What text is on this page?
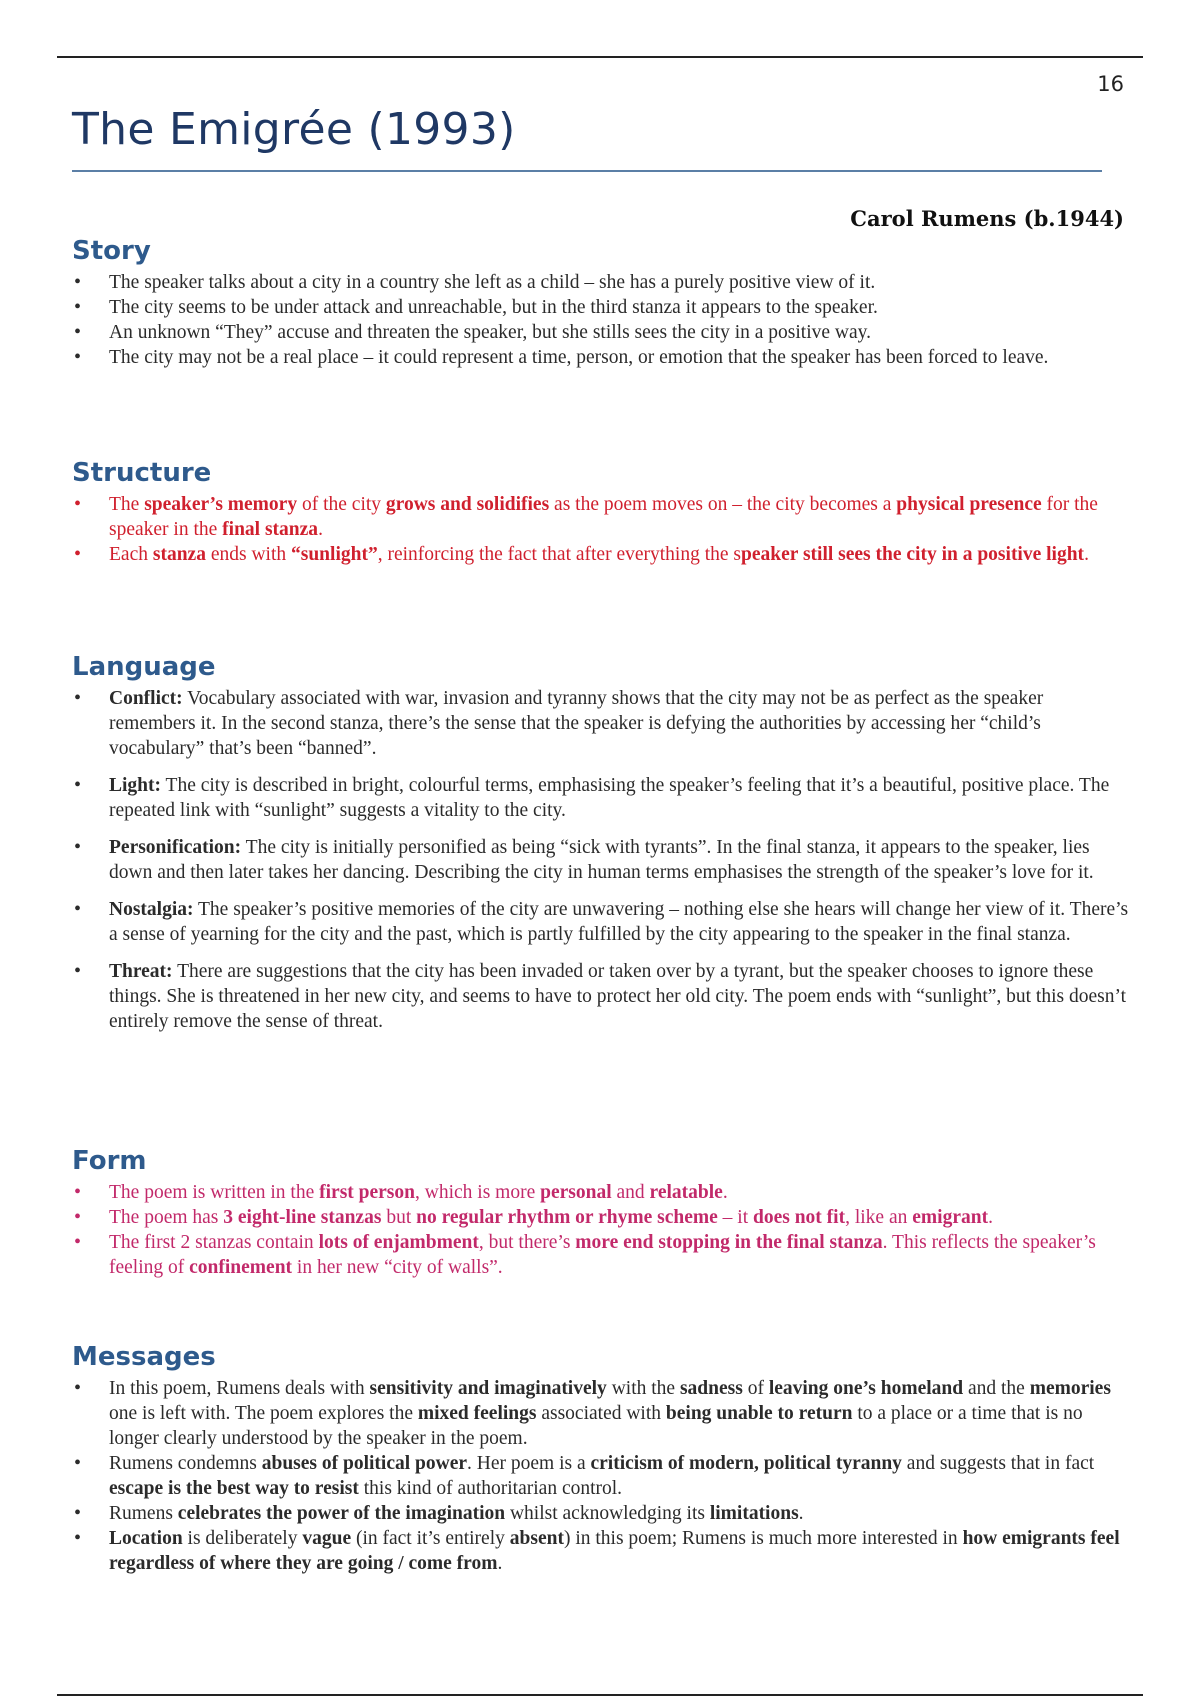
16
The Emigrée (1993)
Carol Rumens (b.1944)
Story
• The speaker talks about a city in a country she left as a child – she has a purely positive view of it.
• The city seems to be under attack and unreachable, but in the third stanza it appears to the speaker.
• An unknown “They” accuse and threaten the speaker, but she stills sees the city in a positive way.
• The city may not be a real place – it could represent a time, person, or emotion that the speaker has been forced to leave.
Structure
• The speaker’s memory of the city grows and solidifies as the poem moves on – the city becomes a physical presence for the speaker in the final stanza.
• Each stanza ends with “sunlight”, reinforcing the fact that after everything the speaker still sees the city in a positive light.
Language
• Conflict: Vocabulary associated with war, invasion and tyranny shows that the city may not be as perfect as the speaker remembers it. In the second stanza, there’s the sense that the speaker is defying the authorities by accessing her “child’s vocabulary” that’s been “banned”.
• Light: The city is described in bright, colourful terms, emphasising the speaker’s feeling that it’s a beautiful, positive place. The repeated link with “sunlight” suggests a vitality to the city.
• Personification: The city is initially personified as being “sick with tyrants”. In the final stanza, it appears to the speaker, lies down and then later takes her dancing. Describing the city in human terms emphasises the strength of the speaker’s love for it.
• Nostalgia: The speaker’s positive memories of the city are unwavering – nothing else she hears will change her view of it. There’s a sense of yearning for the city and the past, which is partly fulfilled by the city appearing to the speaker in the final stanza.
• Threat: There are suggestions that the city has been invaded or taken over by a tyrant, but the speaker chooses to ignore these things. She is threatened in her new city, and seems to have to protect her old city. The poem ends with “sunlight”, but this doesn’t entirely remove the sense of threat.
Form
• The poem is written in the first person, which is more personal and relatable.
• The poem has 3 eight-line stanzas but no regular rhythm or rhyme scheme – it does not fit, like an emigrant.
• The first 2 stanzas contain lots of enjambment, but there’s more end stopping in the final stanza. This reflects the speaker’s feeling of confinement in her new “city of walls”.
Messages
• In this poem, Rumens deals with sensitivity and imaginatively with the sadness of leaving one’s homeland and the memories one is left with. The poem explores the mixed feelings associated with being unable to return to a place or a time that is no longer clearly understood by the speaker in the poem.
• Rumens condemns abuses of political power. Her poem is a criticism of modern, political tyranny and suggests that in fact escape is the best way to resist this kind of authoritarian control.
• Rumens celebrates the power of the imagination whilst acknowledging its limitations.
• Location is deliberately vague (in fact it’s entirely absent) in this poem; Rumens is much more interested in how emigrants feel regardless of where they are going / come from.
